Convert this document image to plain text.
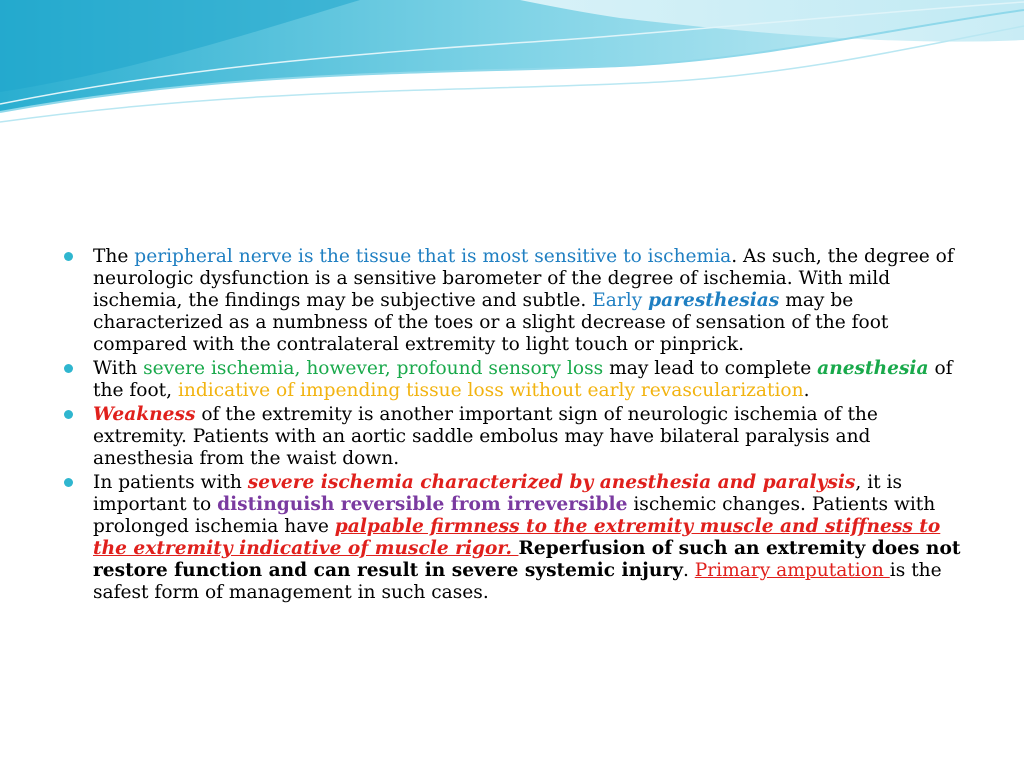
The peripheral nerve is the tissue that is most sensitive to ischemia. As such, the degree of neurologic dysfunction is a sensitive barometer of the degree of ischemia. With mild ischemia, the findings may be subjective and subtle. Early paresthesias may be characterized as a numbness of the toes or a slight decrease of sensation of the foot compared with the contralateral extremity to light touch or pinprick.
With severe ischemia, however, profound sensory loss may lead to complete anesthesia of the foot, indicative of impending tissue loss without early revascularization.
Weakness of the extremity is another important sign of neurologic ischemia of the extremity. Patients with an aortic saddle embolus may have bilateral paralysis and anesthesia from the waist down.
In patients with severe ischemia characterized by anesthesia and paralysis, it is important to distinguish reversible from irreversible ischemic changes. Patients with prolonged ischemia have palpable firmness to the extremity muscle and stiffness to the extremity indicative of muscle rigor. Reperfusion of such an extremity does not restore function and can result in severe systemic injury. Primary amputation is the safest form of management in such cases.
